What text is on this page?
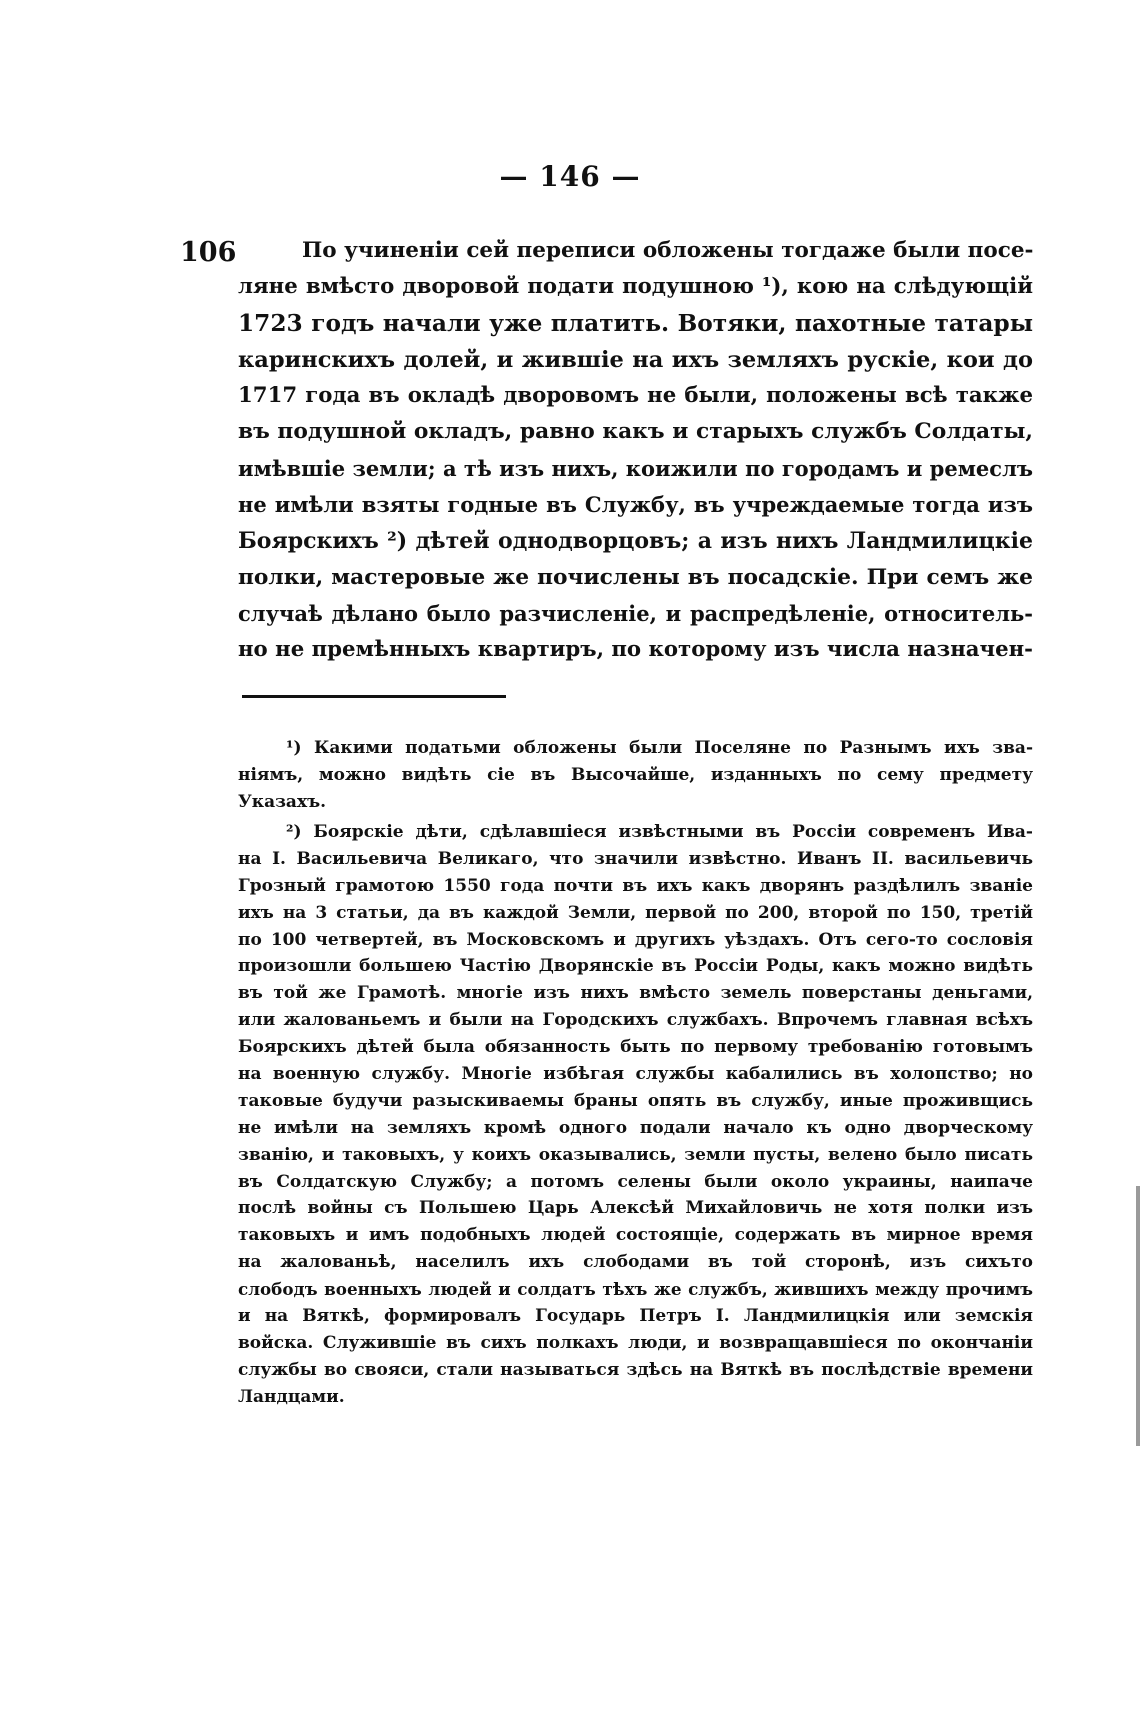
— 146 —
106	По учиненіи сей переписи обложены тогдаже были посе-
ляне вмѣсто дворовой подати подушною ¹), кою на слѣдующій
1723 годъ начали уже платить. Вотяки, пахотные татары
каринскихъ долей, и жившіе на ихъ земляхъ рускіе, кои до
1717 года въ окладѣ дворовомъ не были, положены всѣ также
въ подушной окладъ, равно какъ и старыхъ службъ Солдаты,
имѣвшіе земли; а тѣ изъ нихъ, коижили по городамъ и ремеслъ
не имѣли взяты годные въ Службу, въ учреждаемые тогда изъ
Боярскихъ ²) дѣтей однодворцовъ; а изъ нихъ Ландмилицкіе
полки, мастеровые же почислены въ посадскіе. При семъ же
случаѣ дѣлано было разчисленіе, и распредѣленіе, относитель-
но не премѣнныхъ квартиръ, по которому изъ числа назначен-
¹) Какими податьми обложены были Поселяне по Разнымъ ихъ зва-
ніямъ, можно видѣть сіе въ Высочайше, изданныхъ по сему предмету
Указахъ.
²) Боярскіе дѣти, сдѣлавшіеся извѣстными въ Россіи современъ Ива-
на I. Васильевича Великаго, что значили извѣстно. Иванъ II. васильевичь
Грозный грамотою 1550 года почти въ ихъ какъ дворянъ раздѣлилъ званіе
ихъ на 3 статьи, да въ каждой Земли, первой по 200, второй по 150, третій
по 100 четвертей, въ Московскомъ и другихъ уѣздахъ. Отъ сего-то сословія
произошли большею Частію Дворянскіе въ Россіи Роды, какъ можно видѣть
въ той же Грамотѣ. многіе изъ нихъ вмѣсто земель поверстаны деньгами,
или жалованьемъ и были на Городскихъ службахъ. Впрочемъ главная всѣхъ
Боярскихъ дѣтей была обязанность быть по первому требованію готовымъ
на военную службу. Многіе избѣгая службы кабалились въ холопство; но
таковые будучи разыскиваемы браны опять въ службу, иные проживщись
не имѣли на земляхъ кромѣ одного подали начало къ одно дворческому
званію, и таковыхъ, у коихъ оказывались, земли пусты, велено было писать
въ Солдатскую Службу; а потомъ селены были около украины, наипаче
послѣ войны съ Польшею Царь Алексѣй Михайловичь не хотя полки изъ
таковыхъ и имъ подобныхъ людей состоящіе, содержать въ мирное время
на жалованьѣ, населилъ ихъ слободами въ той сторонѣ, изъ сихъто
слободъ военныхъ людей и солдатъ тѣхъ же службъ, жившихъ между прочимъ
и на Вяткѣ, формировалъ Государь Петръ I. Ландмилицкія или земскія
войска. Служившіе въ сихъ полкахъ люди, и возвращавшіеся по окончаніи
службы во свояси, стали называться здѣсь на Вяткѣ въ послѣдствіе времени
Ландцами.
